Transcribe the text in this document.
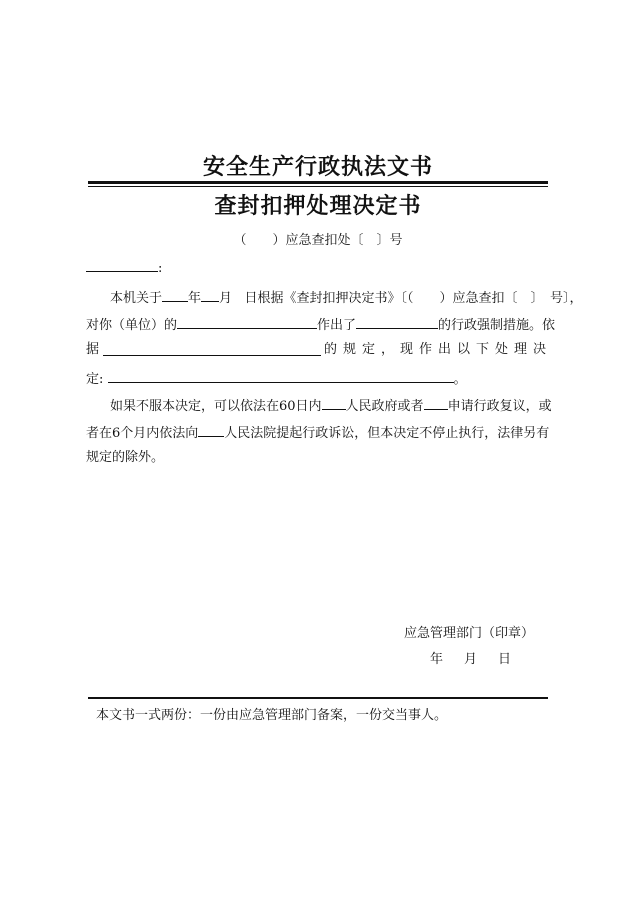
安全生产行政执法文书
查封扣押处理决定书
（　　）应急查扣处〔　〕号
:
本机关于 年 月 日根据《查封扣押决定书》〔（　　）应急查扣〔　〕　号〕，
对你（单位）的	作出了	的行政强制措施。依
据	的规定，现作出以下处理决
定:	。
如果不服本决定，可以依法在60日内 人民政府或者 申请行政复议，或
者在6个月内依法向 人民法院提起行政诉讼，但本决定不停止执行，法律另有
规定的除外。
应急管理部门（印章）
年　月　日
本文书一式两份：一份由应急管理部门备案，一份交当事人。
